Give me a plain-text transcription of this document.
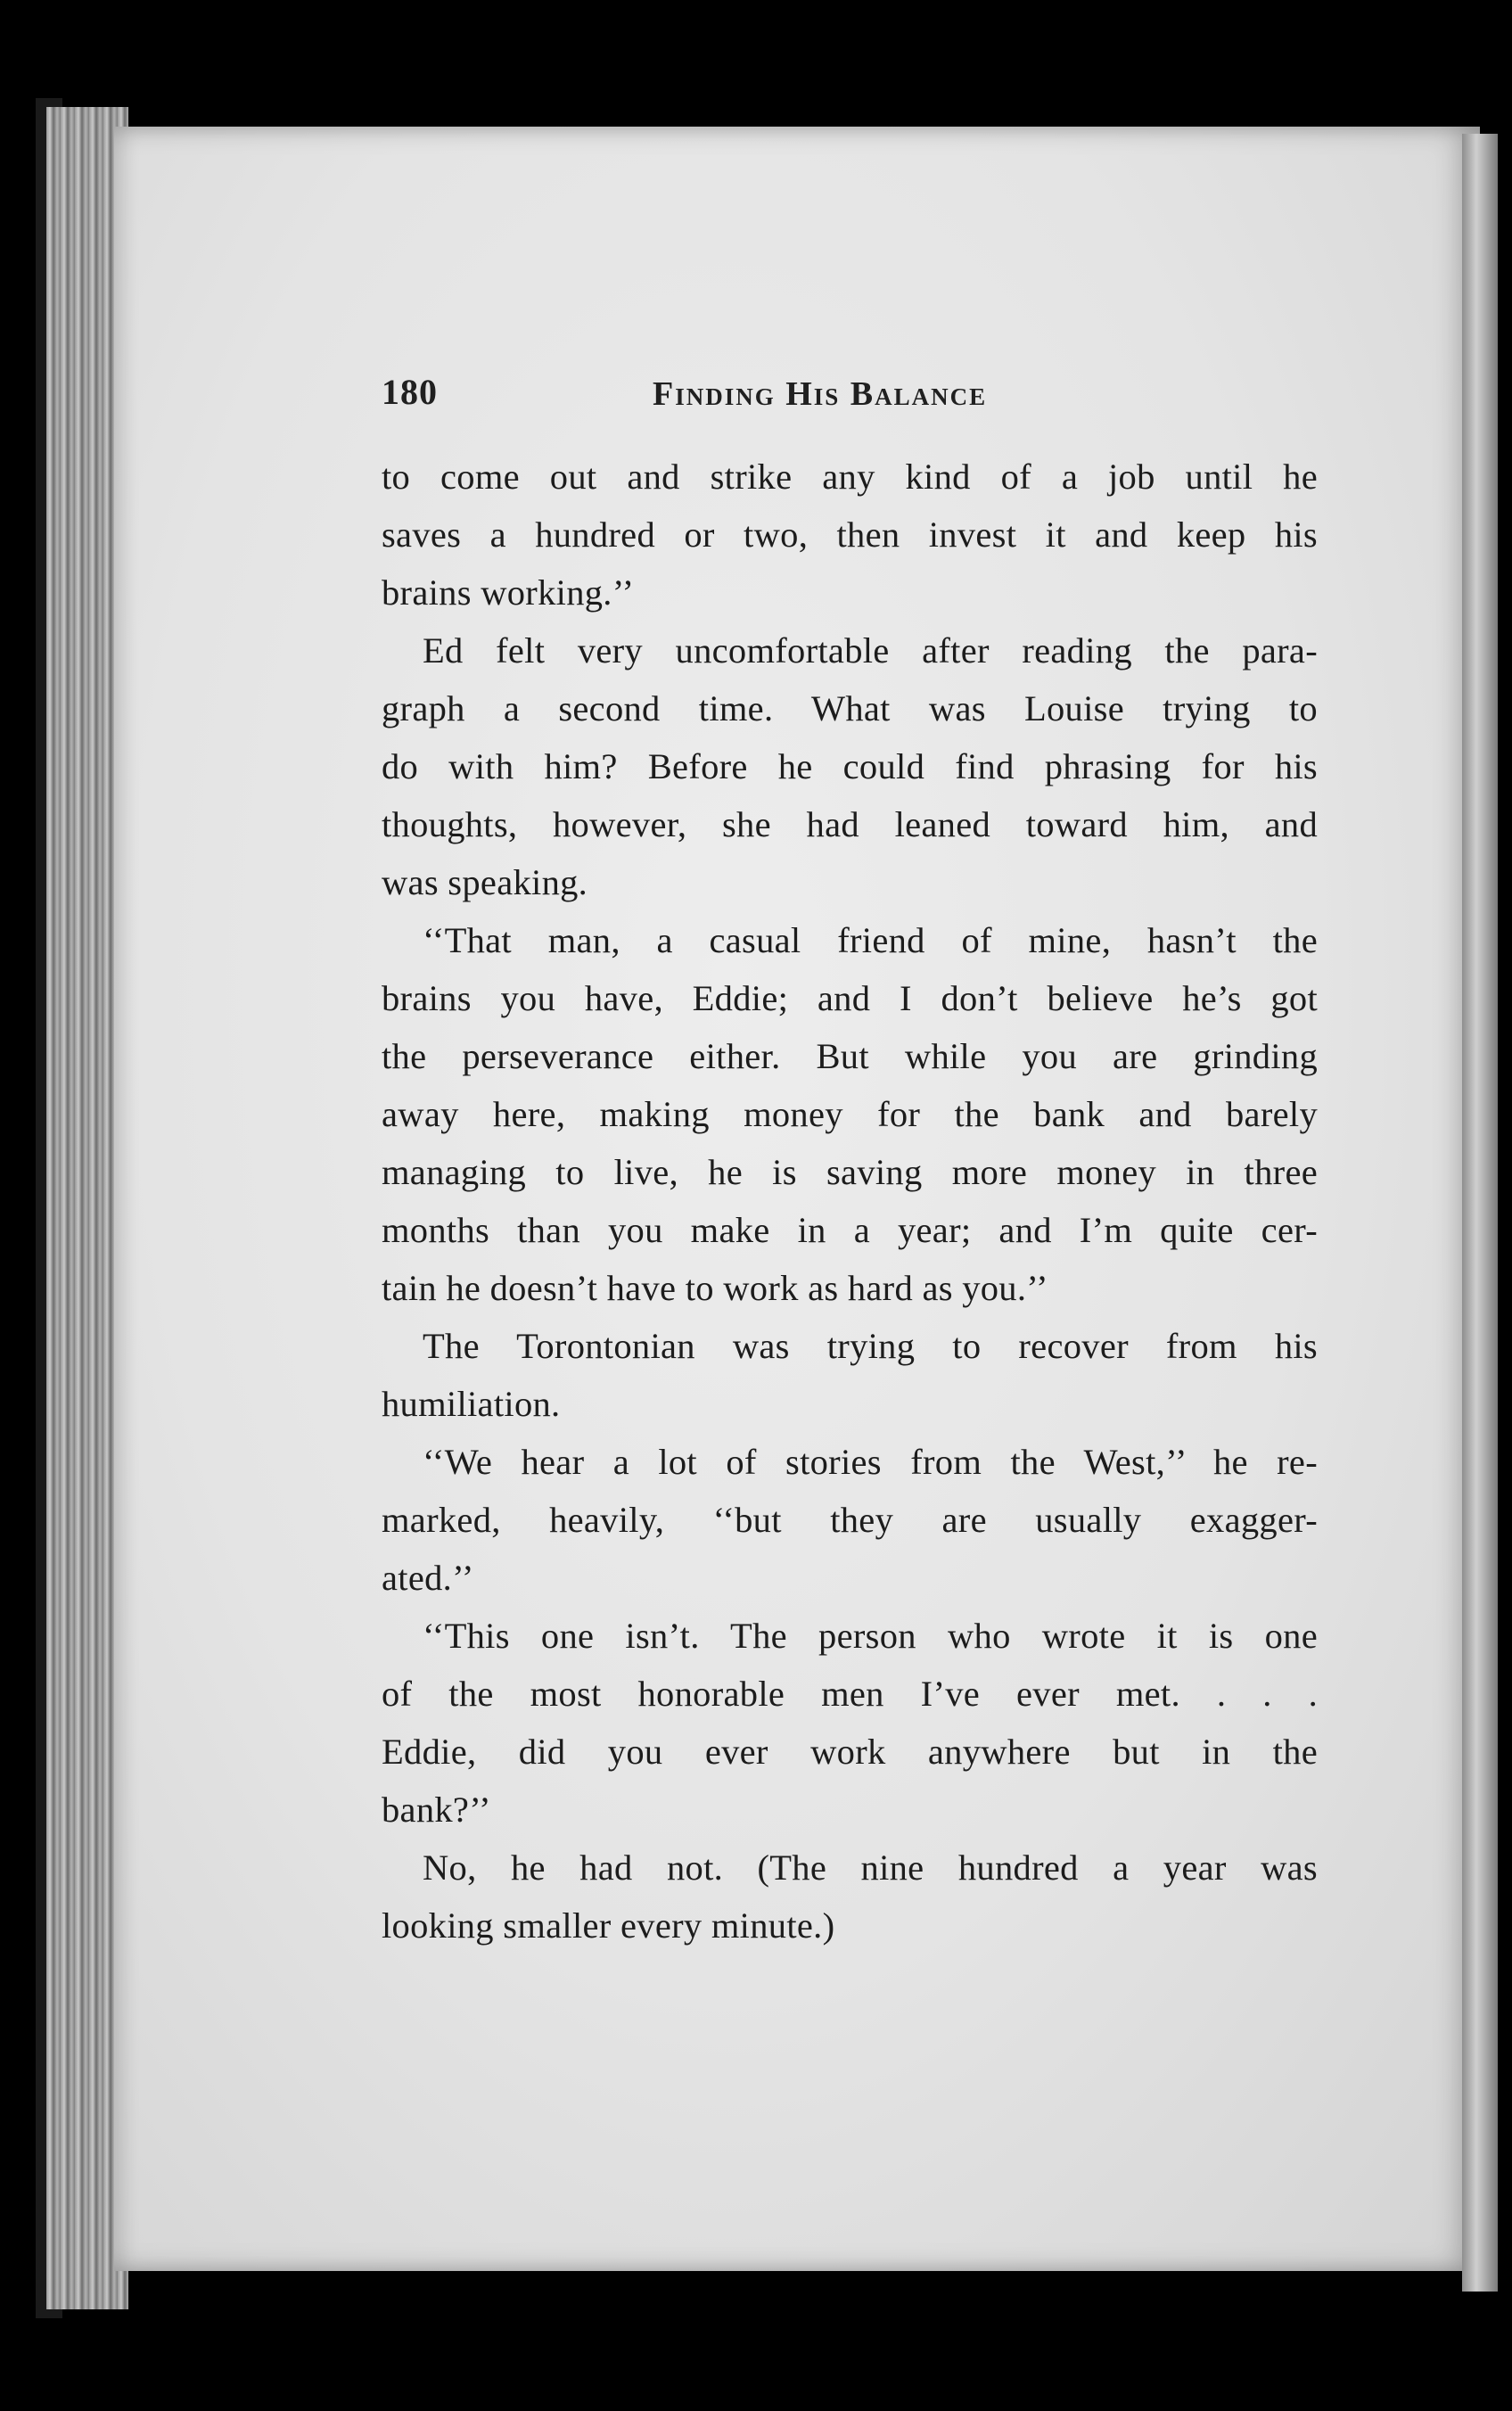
180	Finding His Balance
to come out and strike any kind of a job until he
saves a hundred or two, then invest it and keep his
brains working.’’
Ed felt very uncomfortable after reading the para-
graph a second time. What was Louise trying to
do with him? Before he could find phrasing for his
thoughts, however, she had leaned toward him, and
was speaking.
‘‘That man, a casual friend of mine, hasn’t the
brains you have, Eddie; and I don’t believe he’s got
the perseverance either. But while you are grinding
away here, making money for the bank and barely
managing to live, he is saving more money in three
months than you make in a year; and I’m quite cer-
tain he doesn’t have to work as hard as you.’’
The Torontonian was trying to recover from his
humiliation.
‘‘We hear a lot of stories from the West,’’ he re-
marked, heavily, ‘‘but they are usually exagger-
ated.’’
‘‘This one isn’t. The person who wrote it is one
of the most honorable men I’ve ever met. . . .
Eddie, did you ever work anywhere but in the
bank?’’
No, he had not. (The nine hundred a year was
looking smaller every minute.)
